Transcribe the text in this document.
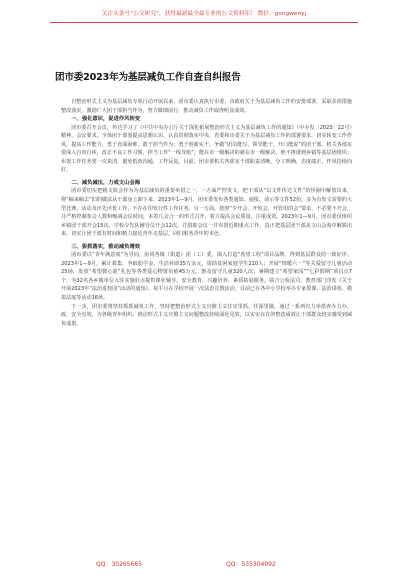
关注头条号“公文研究”，获得最新最全最专业的公文资料库！ 微信：gongwenyj
团市委2023年为基层减负工作自查自纠报告

自整治形式主义为基层减负专项行动开展以来，团市委认真执行市委、市政府关于为基层减负工作的安排部署，采取多项措施整改落实，激励广大团干部担当作为，努力做细前行，推动减负工作取得明显成效。

一、强化意识，促进作风转变

团市委召开会议，传达学习了《中共中央办公厅关于深化拓展整治形式主义为基层减负工作的通知》（中办发〔2023〕22号）精神。会议要求，全体团干部要提高思想认识，认真贯彻落实中央、省委和市委关于为基层减负工作的部署要求，切实转变工作作风，提高工作能力，勇于直面困难，敢于担当作为；勇于创新实干，争做“团员能写、领导能干、开口能说”的团干部。机关各部室要深入自查自纠，改正不良工作习惯，担当工作“一线导航”，能在市一级解决的就在市一级解决，绝不推诿到乡镇等基层团组织；布置工作任务要一次说清，避免低效沟通，工作反复。目前，团市委机关各部室干部职责清晰，分工明确，态度端正，作风持续向好。

二、减负减压，力戒文山会海

团市委切实把精文简会作为为基层减负的重要举措之一，一方面严控发文，把干部从“以文件传达文件”的怪圈中解放出来，将“稿来稿去”旧的做法从干部身上卸下来。2023年1—9月，团市委发布各类通知、通报、请示等文件52份，多为有发文需要的大型比赛、活动及评先评优工作，不存在印发行件工作任务。另一方面，按照“少开会、开短会，开管用的会”要求，不必要不开会，并严格控制参会人数和缩减会议时间，本着几会合一的形式召开，着力提高会议质量、注重成效。2023年1—9月，团市委仅组织乡镇团干部开会15次，学校少先队辅导员开会12次，并借助会议一并布置近期重点工作，真正把基层团干部从文山会海中解脱出来，切实让团干部有时间和精力接近青年走基层，回归服务青年的本色。

三、狠抓落实，推动减负增效

团市委以“青年满意度”为导向，协同各镇（街道）团（工）委，深入打造“希望工程”项目品牌，得到基层群众的一致好评。2023年1—9月，累计募集、争取助学金、生活补助35万余元，资助贫困家庭学生210人；开展“情暖六一”等关爱留守儿童活动25场，发放“希望微心愿”礼包等各类爱心物资价值45万元，惠及留守儿童320人次；暑期建立“希望家园”“七彩假期”项目点7个，为32名各乡镇单位入驻实施驻点提供课业辅导、安全教育、兴趣培养、素质拓展服务，联合公检法司、教育部门印发《关于开展2023年“法治进校园”活动的通知》，每半月在学校开展一次法治宣教活动，目前已在各中小学校举办专家授课、法治讲座、模拟法庭等活动16场。

下一步，团市委将坚持抓抓减负工作，坚持把整治形式主义官僚主义往实里抓、往深里做，通过一系列有力举措查办力办、政、安全有效，为各级青年组织、推动形式主义官僚主义问题整改持续深化见效，以实实在在的整改成效让干部群众切实感受到减负成果。

QQ：30265665	QQ：535304092
